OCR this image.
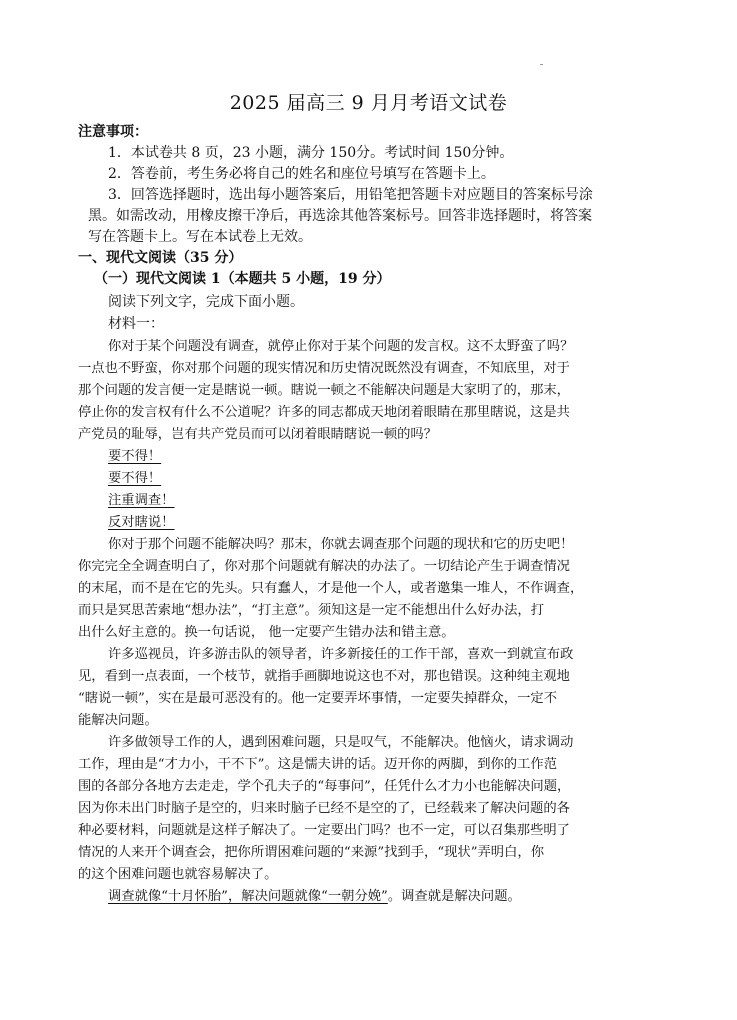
2025 届高三 9 月月考语文试卷
注意事项：
1．本试卷共 8 页，23 小题，满分 150分。考试时间 150分钟。
2．答卷前，考生务必将自己的姓名和座位号填写在答题卡上。
3．回答选择题时，选出每小题答案后，用铅笔把答题卡对应题目的答案标号涂
黑。如需改动，用橡皮擦干净后，再选涂其他答案标号。回答非选择题时，将答案
写在答题卡上。写在本试卷上无效。
一、现代文阅读（35 分）
（一）现代文阅读 1（本题共 5 小题，19 分）
阅读下列文字，完成下面小题。
材料一：
你对于某个问题没有调查，就停止你对于某个问题的发言权。这不太野蛮了吗？
一点也不野蛮，你对那个问题的现实情况和历史情况既然没有调查，不知底里，对于
那个问题的发言便一定是瞎说一顿。瞎说一顿之不能解决问题是大家明了的，那末，
停止你的发言权有什么不公道呢？许多的同志都成天地闭着眼睛在那里瞎说，这是共
产党员的耻辱，岂有共产党员而可以闭着眼睛瞎说一顿的吗？
要不得！
要不得！
注重调查！
反对瞎说！
你对于那个问题不能解决吗？那末，你就去调查那个问题的现状和它的历史吧！
你完完全全调查明白了，你对那个问题就有解决的办法了。一切结论产生于调查情况
的末尾，而不是在它的先头。只有蠢人，才是他一个人，或者邀集一堆人，不作调查，
而只是冥思苦索地“想办法”，“打主意”。须知这是一定不能想出什么好办法，打
出什么好主意的。换一句话说， 他一定要产生错办法和错主意。
许多巡视员，许多游击队的领导者，许多新接任的工作干部，喜欢一到就宣布政
见，看到一点表面，一个枝节，就指手画脚地说这也不对，那也错误。这种纯主观地
“瞎说一顿”，实在是最可恶没有的。他一定要弄坏事情，一定要失掉群众，一定不
能解决问题。
许多做领导工作的人，遇到困难问题，只是叹气，不能解决。他恼火，请求调动
工作，理由是“才力小，干不下”。这是懦夫讲的话。迈开你的两脚，到你的工作范
围的各部分各地方去走走，学个孔夫子的“每事问”，任凭什么才力小也能解决问题，
因为你未出门时脑子是空的，归来时脑子已经不是空的了，已经载来了解决问题的各
种必要材料，问题就是这样子解决了。一定要出门吗？也不一定，可以召集那些明了
情况的人来开个调查会，把你所谓困难问题的“来源”找到手，“现状”弄明白，你
的这个困难问题也就容易解决了。
调查就像“十月怀胎”，解决问题就像“一朝分娩”。调查就是解决问题。
